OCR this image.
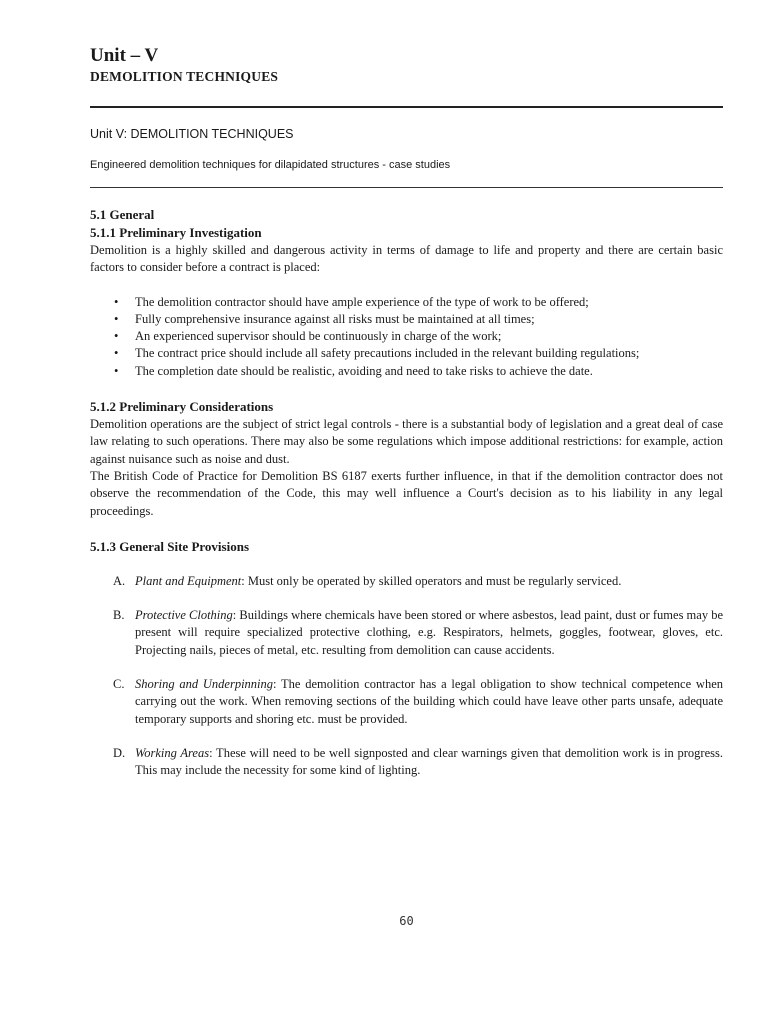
Unit – V
DEMOLITION TECHNIQUES
Unit V: DEMOLITION TECHNIQUES
Engineered demolition techniques for dilapidated structures - case studies
5.1 General
5.1.1 Preliminary Investigation

Demolition is a highly skilled and dangerous activity in terms of damage to life and property and there are certain basic factors to consider before a contract is placed:

• The demolition contractor should have ample experience of the type of work to be offered;
• Fully comprehensive insurance against all risks must be maintained at all times;
• An experienced supervisor should be continuously in charge of the work;
• The contract price should include all safety precautions included in the relevant building regulations;
• The completion date should be realistic, avoiding and need to take risks to achieve the date.
5.1.2 Preliminary Considerations

Demolition operations are the subject of strict legal controls - there is a substantial body of legislation and a great deal of case law relating to such operations. There may also be some regulations which impose additional restrictions: for example, action against nuisance such as noise and dust.

The British Code of Practice for Demolition BS 6187 exerts further influence, in that if the demolition contractor does not observe the recommendation of the Code, this may well influence a Court's decision as to his liability in any legal proceedings.

5.1.3 General Site Provisions
A. Plant and Equipment: Must only be operated by skilled operators and must be regularly serviced.
B. Protective Clothing: Buildings where chemicals have been stored or where asbestos, lead paint, dust or fumes may be present will require specialized protective clothing, e.g. Respirators, helmets, goggles, footwear, gloves, etc. Projecting nails, pieces of metal, etc. resulting from demolition can cause accidents.
C. Shoring and Underpinning: The demolition contractor has a legal obligation to show technical competence when carrying out the work. When removing sections of the building which could have leave other parts unsafe, adequate temporary supports and shoring etc. must be provided.
D. Working Areas: These will need to be well signposted and clear warnings given that demolition work is in progress. This may include the necessity for some kind of lighting.
60
